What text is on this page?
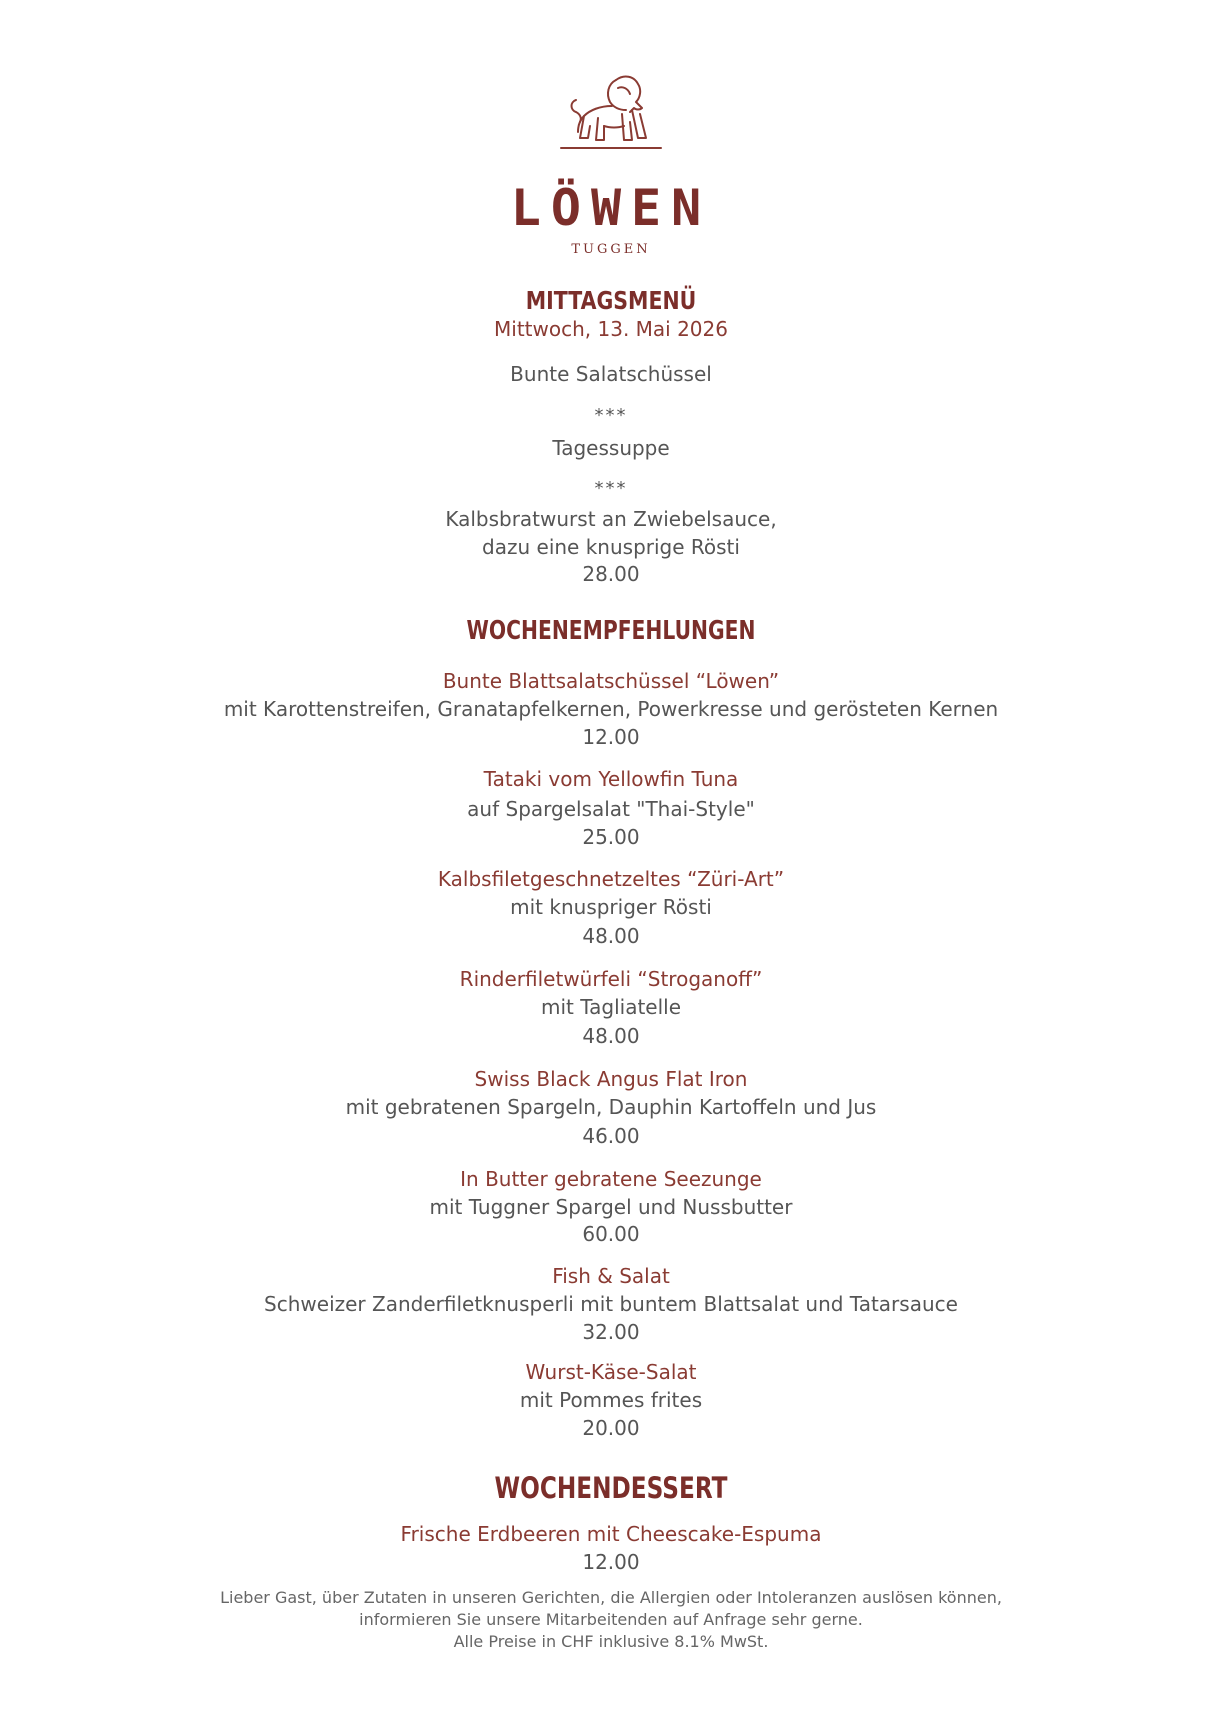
LÖWEN
TUGGEN
MITTAGSMENÜ
Mittwoch, 13. Mai 2026
Bunte Salatschüssel
***
Tagessuppe
***
Kalbsbratwurst an Zwiebelsauce,
dazu eine knusprige Rösti
28.00
WOCHENEMPFEHLUNGEN
Bunte Blattsalatschüssel “Löwen”
mit Karottenstreifen, Granatapfelkernen, Powerkresse und gerösteten Kernen
12.00
Tataki vom Yellowfin Tuna
auf Spargelsalat "Thai-Style"
25.00
Kalbsfiletgeschnetzeltes “Züri-Art”
mit knuspriger Rösti
48.00
Rinderfiletwürfeli “Stroganoff”
mit Tagliatelle
48.00
Swiss Black Angus Flat Iron
mit gebratenen Spargeln, Dauphin Kartoffeln und Jus
46.00
In Butter gebratene Seezunge
mit Tuggner Spargel und Nussbutter
60.00
Fish & Salat
Schweizer Zanderfiletknusperli mit buntem Blattsalat und Tatarsauce
32.00
Wurst-Käse-Salat
mit Pommes frites
20.00
WOCHENDESSERT
Frische Erdbeeren mit Cheescake-Espuma
12.00
Lieber Gast, über Zutaten in unseren Gerichten, die Allergien oder Intoleranzen auslösen können,
informieren Sie unsere Mitarbeitenden auf Anfrage sehr gerne.
Alle Preise in CHF inklusive 8.1% MwSt.
